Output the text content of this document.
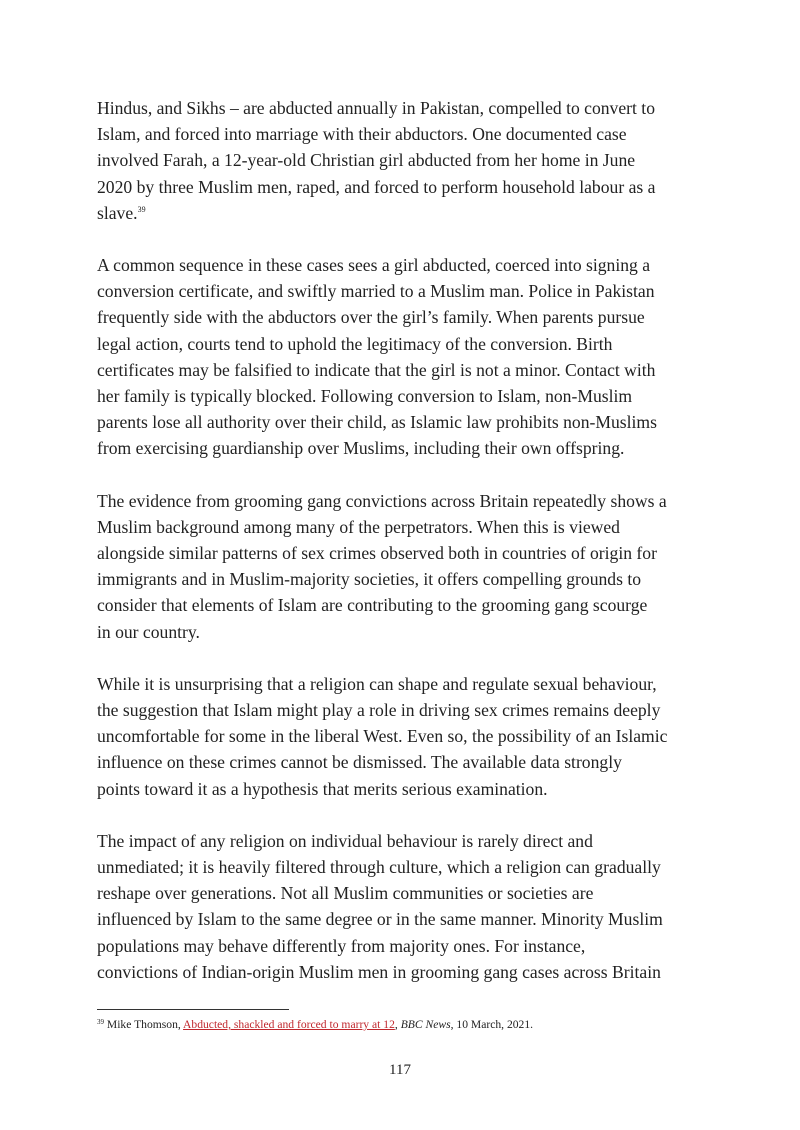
Hindus, and Sikhs – are abducted annually in Pakistan, compelled to convert to
Islam, and forced into marriage with their abductors. One documented case
involved Farah, a 12-year-old Christian girl abducted from her home in June
2020 by three Muslim men, raped, and forced to perform household labour as a
slave.$^{39}$

A common sequence in these cases sees a girl abducted, coerced into signing a
conversion certificate, and swiftly married to a Muslim man. Police in Pakistan
frequently side with the abductors over the girl’s family. When parents pursue
legal action, courts tend to uphold the legitimacy of the conversion. Birth
certificates may be falsified to indicate that the girl is not a minor. Contact with
her family is typically blocked. Following conversion to Islam, non-Muslim
parents lose all authority over their child, as Islamic law prohibits non-Muslims
from exercising guardianship over Muslims, including their own offspring.

The evidence from grooming gang convictions across Britain repeatedly shows a
Muslim background among many of the perpetrators. When this is viewed
alongside similar patterns of sex crimes observed both in countries of origin for
immigrants and in Muslim-majority societies, it offers compelling grounds to
consider that elements of Islam are contributing to the grooming gang scourge
in our country.

While it is unsurprising that a religion can shape and regulate sexual behaviour,
the suggestion that Islam might play a role in driving sex crimes remains deeply
uncomfortable for some in the liberal West. Even so, the possibility of an Islamic
influence on these crimes cannot be dismissed. The available data strongly
points toward it as a hypothesis that merits serious examination.

The impact of any religion on individual behaviour is rarely direct and
unmediated; it is heavily filtered through culture, which a religion can gradually
reshape over generations. Not all Muslim communities or societies are
influenced by Islam to the same degree or in the same manner. Minority Muslim
populations may behave differently from majority ones. For instance,
convictions of Indian-origin Muslim men in grooming gang cases across Britain

$^{39}$ Mike Thomson, Abducted, shackled and forced to marry at 12, BBC News, 10 March, 2021.
117
